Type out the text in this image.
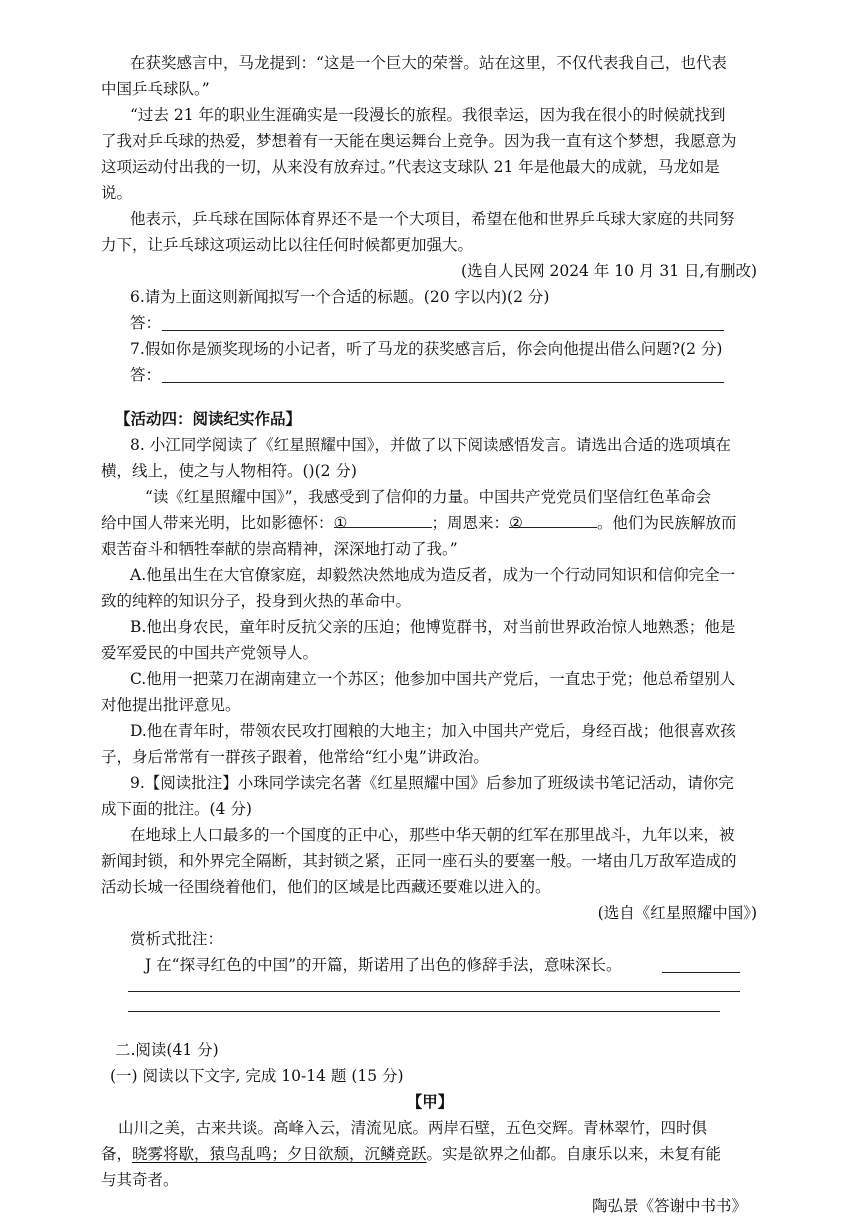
在获奖感言中，马龙提到：“这是一个巨大的荣誉。站在这里，不仅代表我自己，也代表
中国乒乓球队。”
“过去 21 年的职业生涯确实是一段漫长的旅程。我很幸运，因为我在很小的时候就找到
了我对乒乓球的热爱，梦想着有一天能在奥运舞台上竞争。因为我一直有这个梦想，我愿意为
这项运动付出我的一切，从来没有放弃过。”代表这支球队 21 年是他最大的成就，马龙如是
说。
他表示，乒乓球在国际体育界还不是一个大项目，希望在他和世界乒乓球大家庭的共同努
力下，让乒乓球这项运动比以往任何时候都更加强大。
(选自人民网 2024 年 10 月 31 日,有删改)
6.请为上面这则新闻拟写一个合适的标题。(20 字以内)(2 分)
答：
7.假如你是颁奖现场的小记者，听了马龙的获奖感言后，你会向他提出借么问题?(2 分)
答：
【活动四：阅读纪实作品】
8. 小江同学阅读了《红星照耀中国》，并做了以下阅读感悟发言。请选出合适的选项填在
横，线上，使之与人物相符。()(2 分)
“读《红星照耀中国》”，我感受到了信仰的力量。中国共产党党员们坚信红色革命会
给中国人带来光明，比如影德怀：①	；周恩来：②	。他们为民族解放而
艰苦奋斗和牺牲奉献的崇高精神，深深地打动了我。”
A.他虽出生在大官僚家庭，却毅然决然地成为造反者，成为一个行动同知识和信仰完全一
致的纯粹的知识分子，投身到火热的革命中。
B.他出身农民，童年时反抗父亲的压迫；他博览群书，对当前世界政治惊人地熟悉；他是
爱军爱民的中国共产党领导人。
C.他用一把菜刀在湖南建立一个苏区；他参加中国共产党后，一直忠于党；他总希望别人
对他提出批评意见。
D.他在青年时，带领农民攻打囤粮的大地主；加入中国共产党后，身经百战；他很喜欢孩
子，身后常常有一群孩子跟着，他常给“红小鬼”讲政治。
9.【阅读批注】小珠同学读完名著《红星照耀中国》后参加了班级读书笔记活动，请你完
成下面的批注。(4 分)
在地球上人口最多的一个国度的正中心，那些中华天朝的红军在那里战斗，九年以来，被
新闻封锁，和外界完全隔断，其封锁之紧，正同一座石头的要塞一般。一堵由几万敌军造成的
活动长城一径围绕着他们，他们的区域是比西藏还要难以进入的。
(选自《红星照耀中国》)
赏析式批注：
J 在“探寻红色的中国”的开篇，斯诺用了出色的修辞手法，意味深长。
二.阅读(41 分)
(一) 阅读以下文字, 完成 10-14 题 (15 分)
【甲】
山川之美，古来共谈。高峰入云，清流见底。两岸石壁，五色交辉。青林翠竹，四时俱
备，晓雾将歇，猿鸟乱鸣；夕日欲颓，沉鳞竞跃。实是欲界之仙都。自康乐以来，未复有能
与其奇者。
陶弘景《答谢中书书》
